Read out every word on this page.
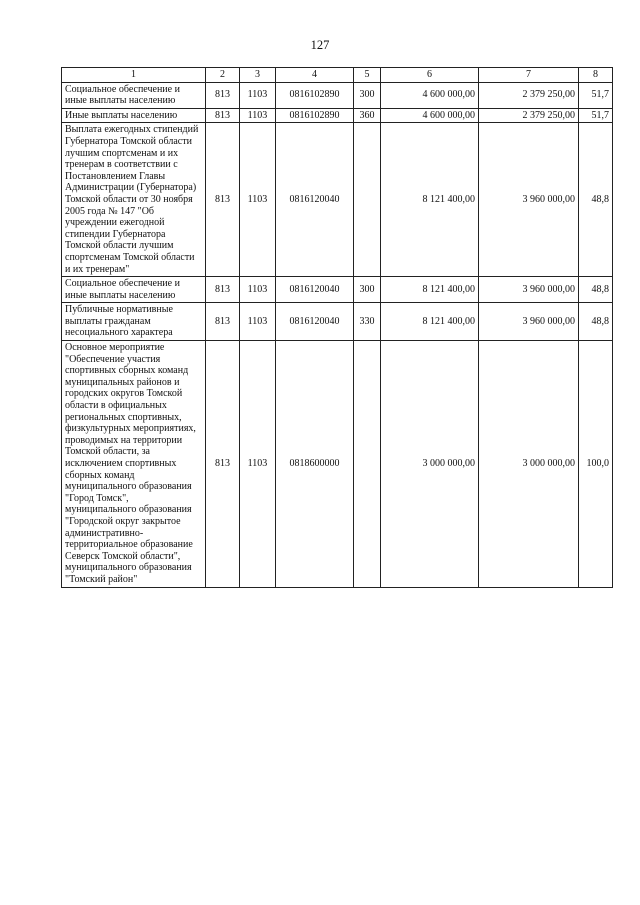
127
1	2	3	4	5	6	7	8
Социальное обеспечение и иные выплаты населению	813	1103	0816102890	300	4 600 000,00	2 379 250,00	51,7
Иные выплаты населению	813	1103	0816102890	360	4 600 000,00	2 379 250,00	51,7
Выплата ежегодных стипендий Губернатора Томской области лучшим спортсменам и их тренерам в соответствии с Постановлением Главы Администрации (Губернатора) Томской области от 30 ноября 2005 года № 147 "Об учреждении ежегодной стипендии Губернатора Томской области лучшим спортсменам Томской области и их тренерам"	813	1103	0816120040		8 121 400,00	3 960 000,00	48,8
Социальное обеспечение и иные выплаты населению	813	1103	0816120040	300	8 121 400,00	3 960 000,00	48,8
Публичные нормативные выплаты гражданам несоциального характера	813	1103	0816120040	330	8 121 400,00	3 960 000,00	48,8
Основное мероприятие "Обеспечение участия спортивных сборных команд муниципальных районов и городских округов Томской области в официальных региональных спортивных, физкультурных мероприятиях, проводимых на территории Томской области, за исключением спортивных сборных команд муниципального образования "Город Томск", муниципального образования "Городской округ закрытое административно-территориальное образование Северск Томской области", муниципального образования "Томский район"	813	1103	0818600000		3 000 000,00	3 000 000,00	100,0
